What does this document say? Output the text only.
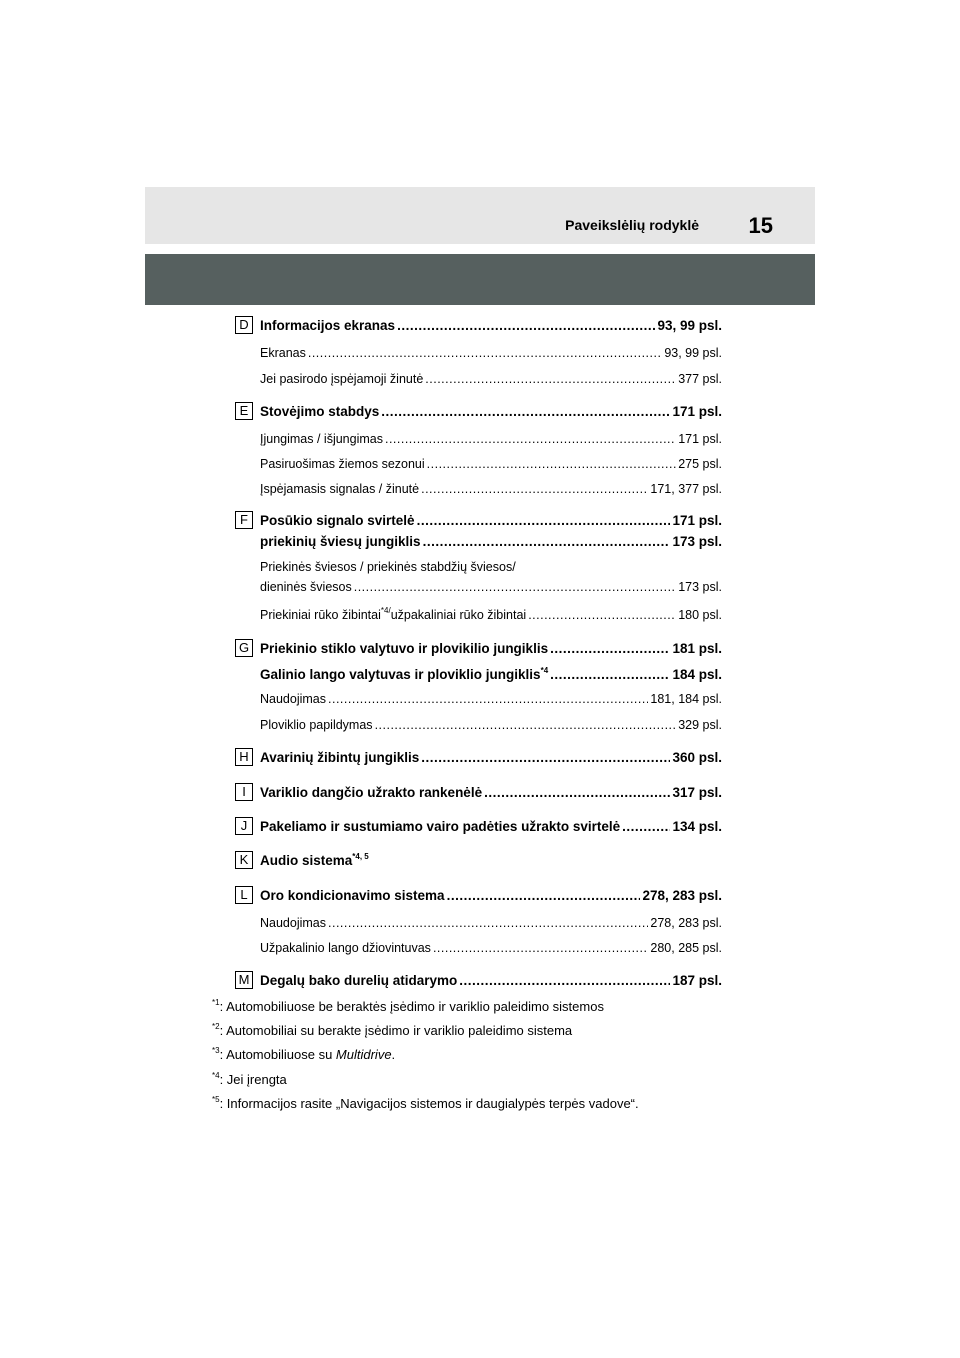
Paveikslėlių rodyklė 15
D Informacijos ekranas .....	93, 99 psl.
Ekranas .....	93, 99 psl.
Jei pasirodo įspėjamoji žinutė .....	377 psl.
E Stovėjimo stabdys .....	171 psl.
Įjungimas / išjungimas .....	171 psl.
Pasiruošimas žiemos sezonui .....	275 psl.
Įspėjamasis signalas / žinutė .....	171, 377 psl.
F Posūkio signalo svirtelė .....	171 psl.
priekinių šviesų jungiklis .....	173 psl.
Priekinės šviesos / priekinės stabdžių šviesos/
dieninės šviesos .....	173 psl.
Priekiniai rūko žibintai$^{*4/}$užpakaliniai rūko žibintai .....	180 psl.
G Priekinio stiklo valytuvo ir plovikilio jungiklis .....	181 psl.
Galinio lango valytuvas ir ploviklio jungiklis$^{*4}$ .....	184 psl.
Naudojimas .....	181, 184 psl.
Ploviklio papildymas .....	329 psl.
H Avarinių žibintų jungiklis .....	360 psl.
I	Variklio dangčio užrakto rankenėlė .....	317 psl.
J Pakeliamo ir sustumiamo vairo padėties užrakto svirtelė .....	134 psl.
K Audio sistema$^{*4, 5}$
L Oro kondicionavimo sistema .....	278, 283 psl.
Naudojimas .....	278, 283 psl.
Užpakalinio lango džiovintuvas .....	280, 285 psl.
M Degalų bako durelių atidarymo .....	187 psl.
$^{*1}$: Automobiliuose be beraktės įsėdimo ir variklio paleidimo sistemos
$^{*2}$: Automobiliai su berakte įsėdimo ir variklio paleidimo sistema
$^{*3}$: Automobiliuose su Multidrive.
$^{*4}$: Jei įrengta
$^{*5}$: Informacijos rasite „Navigacijos sistemos ir daugialypės terpės vadove“.
